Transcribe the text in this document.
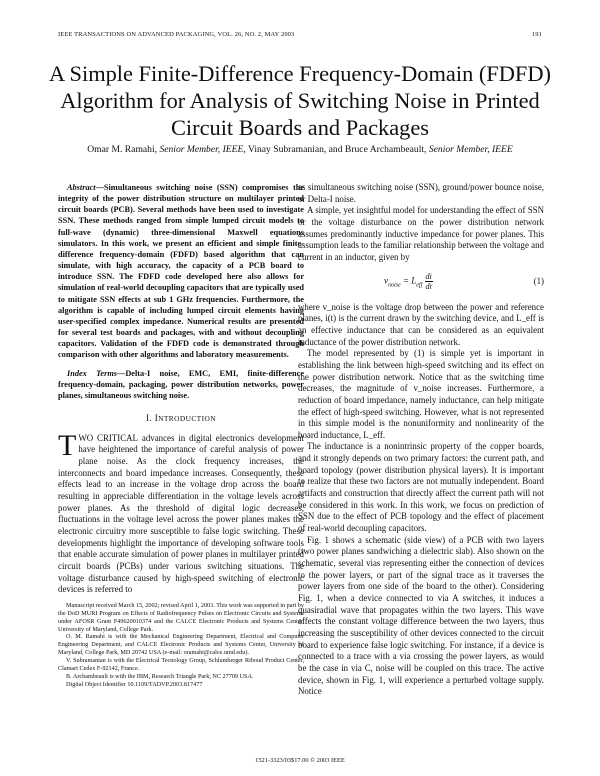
IEEE TRANSACTIONS ON ADVANCED PACKAGING, VOL. 26, NO. 2, MAY 2003	191
A Simple Finite-Difference Frequency-Domain (FDFD) Algorithm for Analysis of Switching Noise in Printed Circuit Boards and Packages
Omar M. Ramahi, Senior Member, IEEE, Vinay Subramanian, and Bruce Archambeault, Senior Member, IEEE

Abstract—Simultaneous switching noise (SSN) compromises the integrity of the power distribution structure on multilayer printed circuit boards (PCB). Several methods have been used to investigate SSN. These methods ranged from simple lumped circuit models to full-wave (dynamic) three-dimensional Maxwell equations simulators. In this work, we present an efficient and simple finite-difference frequency-domain (FDFD) based algorithm that can simulate, with high accuracy, the capacity of a PCB board to introduce SSN. The FDFD code developed here also allows for simulation of real-world decoupling capacitors that are typically used to mitigate SSN effects at sub 1 GHz frequencies. Furthermore, the algorithm is capable of including lumped circuit elements having user-specified complex impedance. Numerical results are presented for several test boards and packages, with and without decoupling capacitors. Validation of the FDFD code is demonstrated through comparison with other algorithms and laboratory measurements.

Index Terms—Delta-I noise, EMC, EMI, finite-difference frequency-domain, packaging, power distribution networks, power planes, simultaneous switching noise.

I. INTRODUCTION

TWO CRITICAL advances in digital electronics development have heightened the importance of careful analysis of power plane noise. As the clock frequency increases, the interconnects and board impedance increases. Consequently, these effects lead to an increase in the voltage drop across the board resulting in appreciable differentiation in the voltage levels across power planes. As the threshold of digital logic decreases, fluctuations in the voltage level across the power planes makes the electronic circuitry more susceptible to false logic switching. These developments highlight the importance of developing software tools that enable accurate simulation of power planes in multilayer printed circuit boards (PCBs) under various switching situations. The voltage disturbance caused by high-speed switching of electronic devices is referred to

Manuscript received March 15, 2002; revised April 1, 2003. This work was supported in part by the DoD MURI Program on Effects of Radiofrequency Pulses on Electronic Circuits and Systems under AFOSR Grant F49620010374 and the CALCE Electronic Products and Systems Center, University of Maryland, College Park.

O. M. Ramahi is with the Mechanical Engineering Department, Electrical and Computer Engineering Department, and CALCE Electronic Products and Systems Center, University of Maryland, College Park, MD 20742 USA (e-mail: oramahi@calce.umd.edu).

V. Subramanian is with the Electrical Tecnology Group, Schlumberger Riboud Product Center, Clamart Cedex F-92142, France.

B. Archambeault is with the IBM, Research Triangle Park, NC 27709 USA.

Digital Object Identifier 10.1109/TADVP.2003.817477

as simultaneous switching noise (SSN), ground/power bounce noise, or Delta-I noise.

A simple, yet insightful model for understanding the effect of SSN or the voltage disturbance on the power distribution network assumes predominantly inductive impedance for power planes. This assumption leads to the familiar relationship between the voltage and current in an inductor, given by

$v_{noise} = L_{eff} \frac{di}{dt}$	(1)

where v_noise is the voltage drop between the power and reference planes, i(t) is the current drawn by the switching device, and L_eff is an effective inductance that can be considered as an equivalent inductance of the power distribution network.

The model represented by (1) is simple yet is important in establishing the link between high-speed switching and its effect on the power distribution network. Notice that as the switching time decreases, the magnitude of v_noise increases. Furthermore, a reduction of board impedance, namely inductance, can help mitigate the effect of high-speed switching. However, what is not represented in this simple model is the nonuniformity and nonlinearity of the board inductance, L_eff.

The inductance is a nonintrinsic property of the copper boards, and it strongly depends on two primary factors: the current path, and board topology (power distribution physical layers). It is important to realize that these two factors are not mutually independent. Board artifacts and construction that directly affect the current path will not be considered in this work. In this work, we focus on prediction of SSN due to the effect of PCB topology and the effect of placement of real-world decoupling capacitors.

Fig. 1 shows a schematic (side view) of a PCB with two layers (two power planes sandwiching a dielectric slab). Also shown on the schematic, several vias representing either the connection of devices to the power layers, or part of the signal trace as it traverses the power layers from one side of the board to the other). Considering Fig. 1, when a device connected to via A switches, it induces a quasiradial wave that propagates within the two layers. This wave affects the constant voltage difference between the two layers, thus increasing the susceptibility of other devices connected to the circuit board to experience false logic switching. For instance, if a device is connected to a trace with a via crossing the power layers, as would be the case in via C, noise will be coupled on this trace. The active device, shown in Fig. 1, will experience a perturbed voltage supply. Notice

1521-3323/03$17.00 © 2003 IEEE
